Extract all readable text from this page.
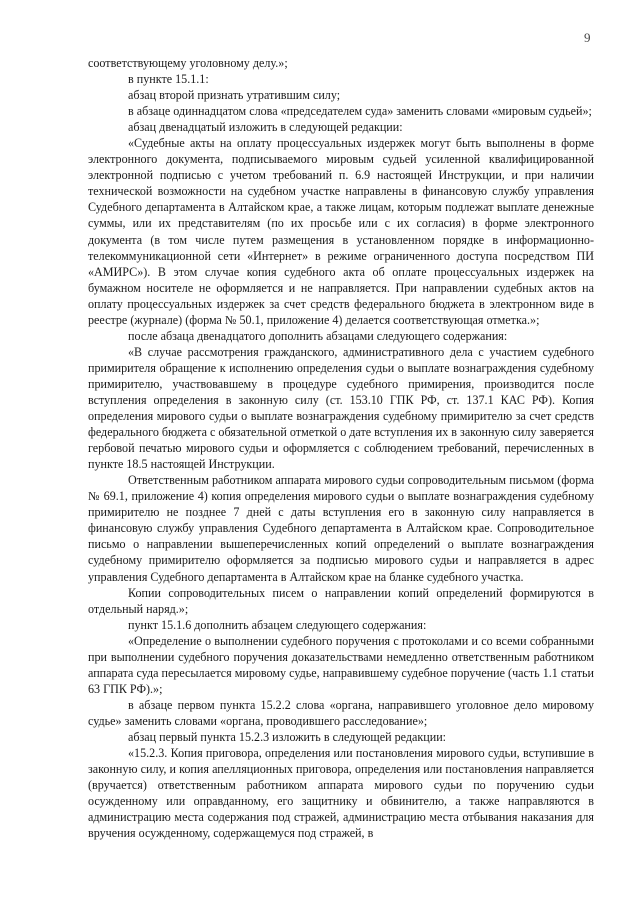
9

соответствующему уголовному делу.»;

в пункте 15.1.1:

абзац второй признать утратившим силу;

в абзаце одиннадцатом слова «председателем суда» заменить словами «мировым судьей»;

абзац двенадцатый изложить в следующей редакции:

«Судебные акты на оплату процессуальных издержек могут быть выполнены в форме электронного документа, подписываемого мировым судьей усиленной квалифицированной электронной подписью с учетом требований п. 6.9 настоящей Инструкции, и при наличии технической возможности на судебном участке направлены в финансовую службу управления Судебного департамента в Алтайском крае, а также лицам, которым подлежат выплате денежные суммы, или их представителям (по их просьбе или с их согласия) в форме электронного документа (в том числе путем размещения в установленном порядке в информационно-телекоммуникационной сети «Интернет» в режиме ограниченного доступа посредством ПИ «АМИРС»). В этом случае копия судебного акта об оплате процессуальных издержек на бумажном носителе не оформляется и не направляется. При направлении судебных актов на оплату процессуальных издержек за счет средств федерального бюджета в электронном виде в реестре (журнале) (форма № 50.1, приложение 4) делается соответствующая отметка.»;

после абзаца двенадцатого дополнить абзацами следующего содержания:

«В случае рассмотрения гражданского, административного дела с участием судебного примирителя обращение к исполнению определения судьи о выплате вознаграждения судебному примирителю, участвовавшему в процедуре судебного примирения, производится после вступления определения в законную силу (ст. 153.10 ГПК РФ, ст. 137.1 КАС РФ). Копия определения мирового судьи о выплате вознаграждения судебному примирителю за счет средств федерального бюджета с обязательной отметкой о дате вступления их в законную силу заверяется гербовой печатью мирового судьи и оформляется с соблюдением требований, перечисленных в пункте 18.5 настоящей Инструкции.

Ответственным работником аппарата мирового судьи сопроводительным письмом (форма № 69.1, приложение 4) копия определения мирового судьи о выплате вознаграждения судебному примирителю не позднее 7 дней с даты вступления его в законную силу направляется в финансовую службу управления Судебного департамента в Алтайском крае. Сопроводительное письмо о направлении вышеперечисленных копий определений о выплате вознаграждения судебному примирителю оформляется за подписью мирового судьи и направляется в адрес управления Судебного департамента в Алтайском крае на бланке судебного участка.

Копии сопроводительных писем о направлении копий определений формируются в отдельный наряд.»;

пункт 15.1.6 дополнить абзацем следующего содержания:

«Определение о выполнении судебного поручения с протоколами и со всеми собранными при выполнении судебного поручения доказательствами немедленно ответственным работником аппарата суда пересылается мировому судье, направившему судебное поручение (часть 1.1 статьи 63 ГПК РФ).»;

в абзаце первом пункта 15.2.2 слова «органа, направившего уголовное дело мировому судье» заменить словами «органа, проводившего расследование»;

абзац первый пункта 15.2.3 изложить в следующей редакции:

«15.2.3. Копия приговора, определения или постановления мирового судьи, вступившие в законную силу, и копия апелляционных приговора, определения или постановления направляется (вручается) ответственным работником аппарата мирового судьи по поручению судьи осужденному или оправданному, его защитнику и обвинителю, а также направляются в администрацию места содержания под стражей, администрацию места отбывания наказания для вручения осужденному, содержащемуся под стражей, в
